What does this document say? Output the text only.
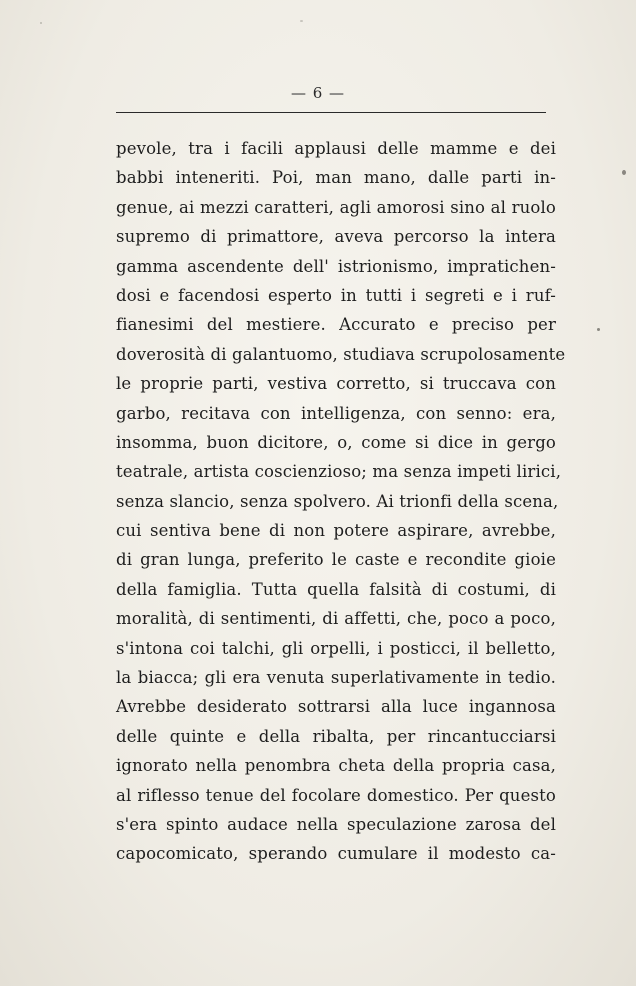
— 6 —
pevole, tra i facili applausi delle mamme e dei
babbi inteneriti. Poi, man mano, dalle parti in-
genue, ai mezzi caratteri, agli amorosi sino al ruolo
supremo di primattore, aveva percorso la intera
gamma ascendente dell' istrionismo, impratichen-
dosi e facendosi esperto in tutti i segreti e i ruf-
fianesimi del mestiere. Accurato e preciso per
doverosità di galantuomo, studiava scrupolosamente
le proprie parti, vestiva corretto, si truccava con
garbo, recitava con intelligenza, con senno: era,
insomma, buon dicitore, o, come si dice in gergo
teatrale, artista coscienzioso; ma senza impeti lirici,
senza slancio, senza spolvero. Ai trionfi della scena,
cui sentiva bene di non potere aspirare, avrebbe,
di gran lunga, preferito le caste e recondite gioie
della famiglia. Tutta quella falsità di costumi, di
moralità, di sentimenti, di affetti, che, poco a poco,
s'intona coi talchi, gli orpelli, i posticci, il belletto,
la biacca; gli era venuta superlativamente in tedio.
Avrebbe desiderato sottrarsi alla luce ingannosa
delle quinte e della ribalta, per rincantucciarsi
ignorato nella penombra cheta della propria casa,
al riflesso tenue del focolare domestico. Per questo
s'era spinto audace nella speculazione zarosa del
capocomicato, sperando cumulare il modesto ca-
